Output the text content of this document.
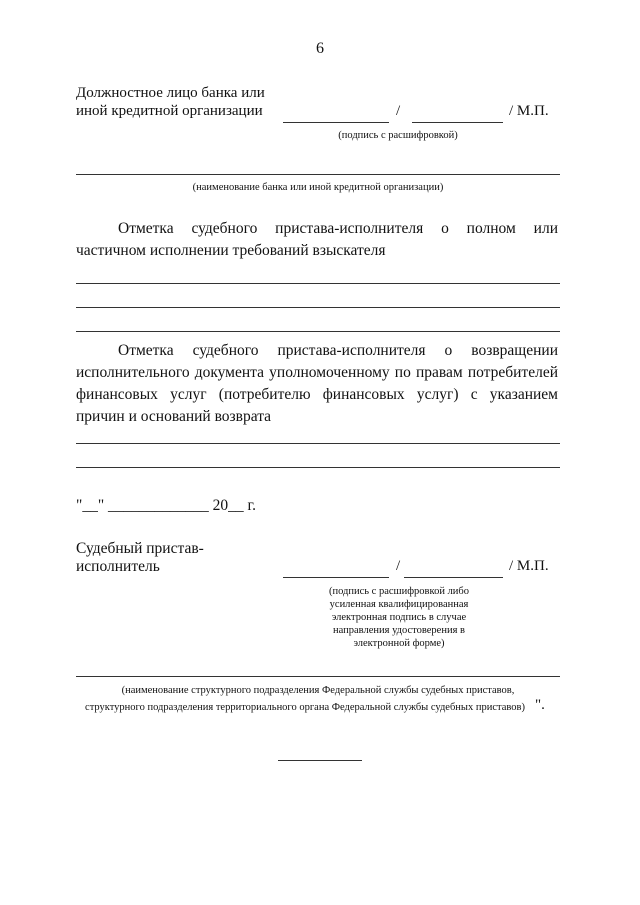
6
Должностное лицо банка или
иной кредитной организации	/	/ М.П.
(подпись с расшифровкой)
(наименование банка или иной кредитной организации)
Отметка судебного пристава-исполнителя о полном или частичном исполнении требований взыскателя
Отметка судебного пристава-исполнителя о возвращении исполнительного документа уполномоченному по правам потребителей финансовых услуг (потребителю финансовых услуг) с указанием причин и оснований возврата
"__" _____________ 20__ г.
Судебный пристав-
исполнитель	/	/ М.П.
(подпись с расшифровкой либо усиленная квалифицированная электронная подпись в случае направления удостоверения в электронной форме)
(наименование структурного подразделения Федеральной службы судебных приставов,
структурного подразделения территориального органа Федеральной службы судебных приставов) ".
